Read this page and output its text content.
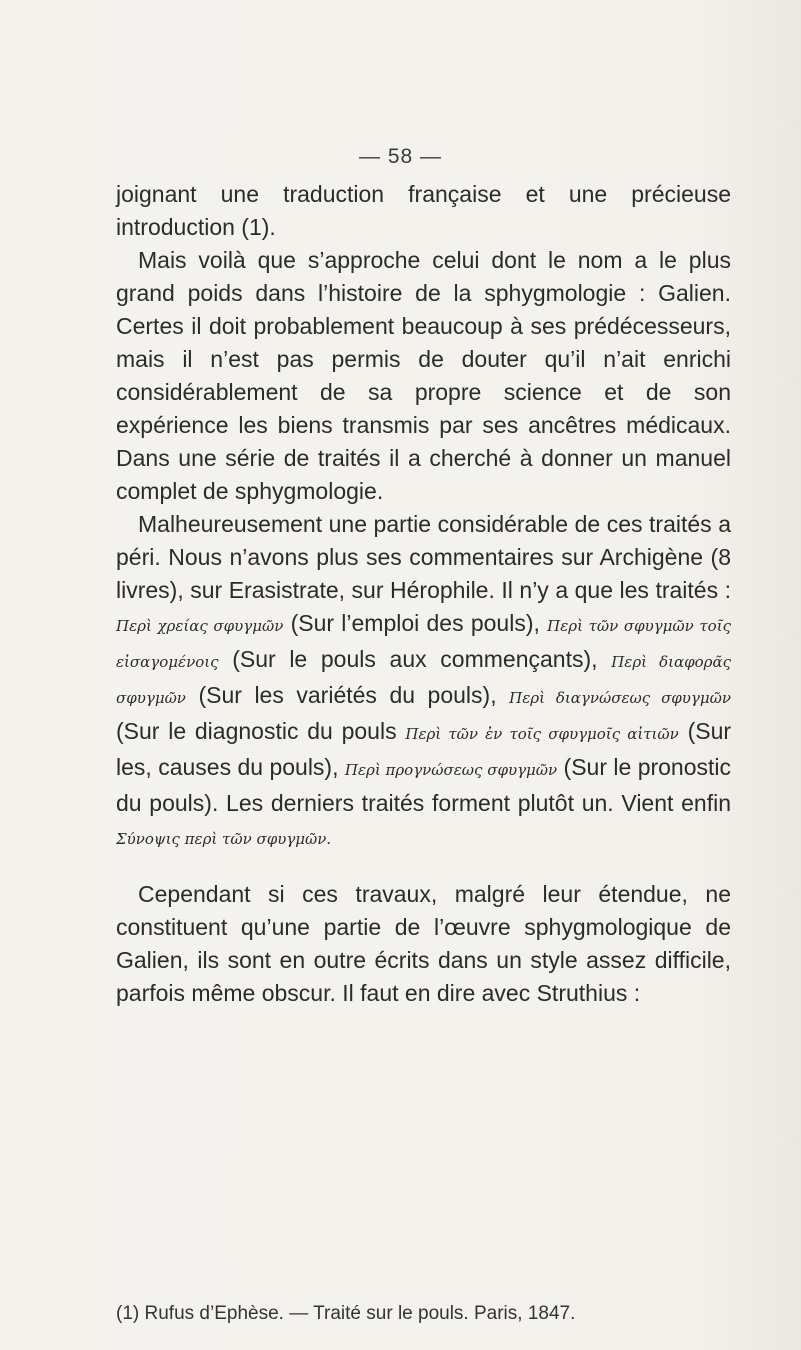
— 58 —

joignant une traduction française et une précieuse introduction (1).

Mais voilà que s’approche celui dont le nom a le plus grand poids dans l’histoire de la sphygmologie : Galien. Certes il doit probablement beaucoup à ses prédécesseurs, mais il n’est pas permis de douter qu’il n’ait enrichi considérablement de sa propre science et de son expérience les biens transmis par ses ancêtres médicaux. Dans une série de traités il a cherché à donner un manuel complet de sphygmologie.

Malheureusement une partie considérable de ces traités a péri. Nous n’avons plus ses commentaires sur Archigène (8 livres), sur Erasistrate, sur Hérophile. Il n’y a que les traités : Περὶ χρείας σφυγμῶν (Sur l’emploi des pouls), Περὶ τῶν σφυγμῶν τοῖς εἰσαγομένοις (Sur le pouls aux commençants), Περὶ διαφορᾶς σφυγμῶν (Sur les variétés du pouls), Περὶ διαγνώσεως σφυγμῶν (Sur le diagnostic du pouls Περὶ τῶν ἐν τοῖς σφυγμοῖς αἰτιῶν (Sur les, causes du pouls), Περὶ προγνώσεως σφυγμῶν (Sur le pronostic du pouls). Les derniers traités forment plutôt un. Vient enfin Σύνοψις περὶ τῶν σφυγμῶν.

Cependant si ces travaux, malgré leur étendue, ne constituent qu’une partie de l’œuvre sphygmologique de Galien, ils sont en outre écrits dans un style assez difficile, parfois même obscur. Il faut en dire avec Struthius :

(1) Rufus d’Ephèse. — Traité sur le pouls. Paris, 1847.
